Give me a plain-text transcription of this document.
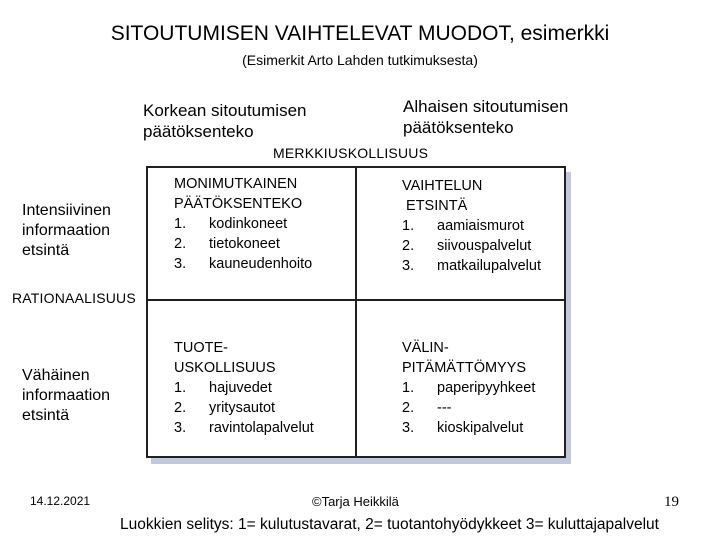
SITOUTUMISEN VAIHTELEVAT MUODOT, esimerkki
(Esimerkit Arto Lahden tutkimuksesta)
Korkean sitoutumisen
päätöksenteko
Alhaisen sitoutumisen
päätöksenteko
MERKKIUSKOLLISUUS
Intensiivinen
informaation
etsintä
Vähäinen
informaation
etsintä
RATIONAALISUUS
MONIMUTKAINEN
PÄÄTÖKSENTEKO
1.	kodinkoneet
2.	tietokoneet
3.	kauneudenhoito
VAIHTELUN
ETSINTÄ
1.	aamiaismurot
2.	siivouspalvelut
3.	matkailupalvelut
TUOTE-
USKOLLISUUS
1.	hajuvedet
2.	yritysautot
3.	ravintolapalvelut
VÄLIN-
PITÄMÄTTÖMYYS
1.	paperipyyhkeet
2.	---
3.	kioskipalvelut
14.12.2021	©Tarja Heikkilä	19
Luokkien selitys: 1= kulutustavarat, 2= tuotantohyödykkeet 3= kuluttajapalvelut
